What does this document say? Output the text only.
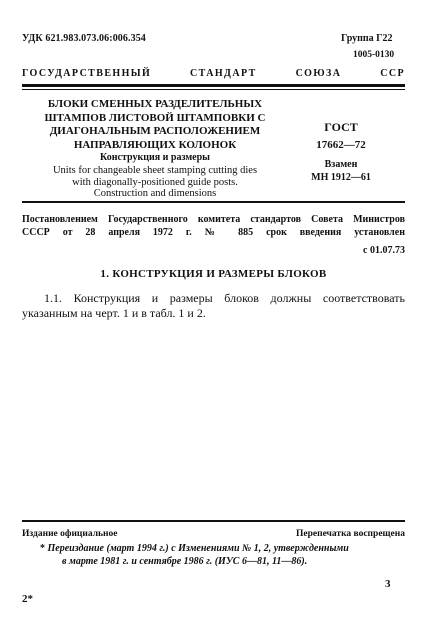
УДК 621.983.073.06:006.354	Группа Г22
1005-0130
ГОСУДАРСТВЕННЫЙ СТАНДАРТ СОЮЗА ССР
БЛОКИ СМЕННЫХ РАЗДЕЛИТЕЛЬНЫХ
ШТАМПОВ ЛИСТОВОЙ ШТАМПОВКИ С
ДИАГОНАЛЬНЫМ РАСПОЛОЖЕНИЕМ
НАПРАВЛЯЮЩИХ КОЛОНОК
Конструкция и размеры
Units for changeable sheet stamping cutting dies
with diagonally-positioned guide posts.
Construction and dimensions
ГОСТ
17662—72
Взамен
МН 1912—61
Постановлением Государственного комитета стандартов Совета Министров
СССР от 28 апреля 1972 г. № 885 срок введения установлен
с 01.07.73
1. КОНСТРУКЦИЯ И РАЗМЕРЫ БЛОКОВ
1.1. Конструкция и размеры блоков должны соответствовать указанным на черт. 1 и в табл. 1 и 2.
Издание официальное	Перепечатка воспрещена
* Переиздание (март 1994 г.) с Изменениями № 1, 2, утвержденными
в марте 1981 г. и сентябре 1986 г. (ИУС 6—81, 11—86).
3
2*
